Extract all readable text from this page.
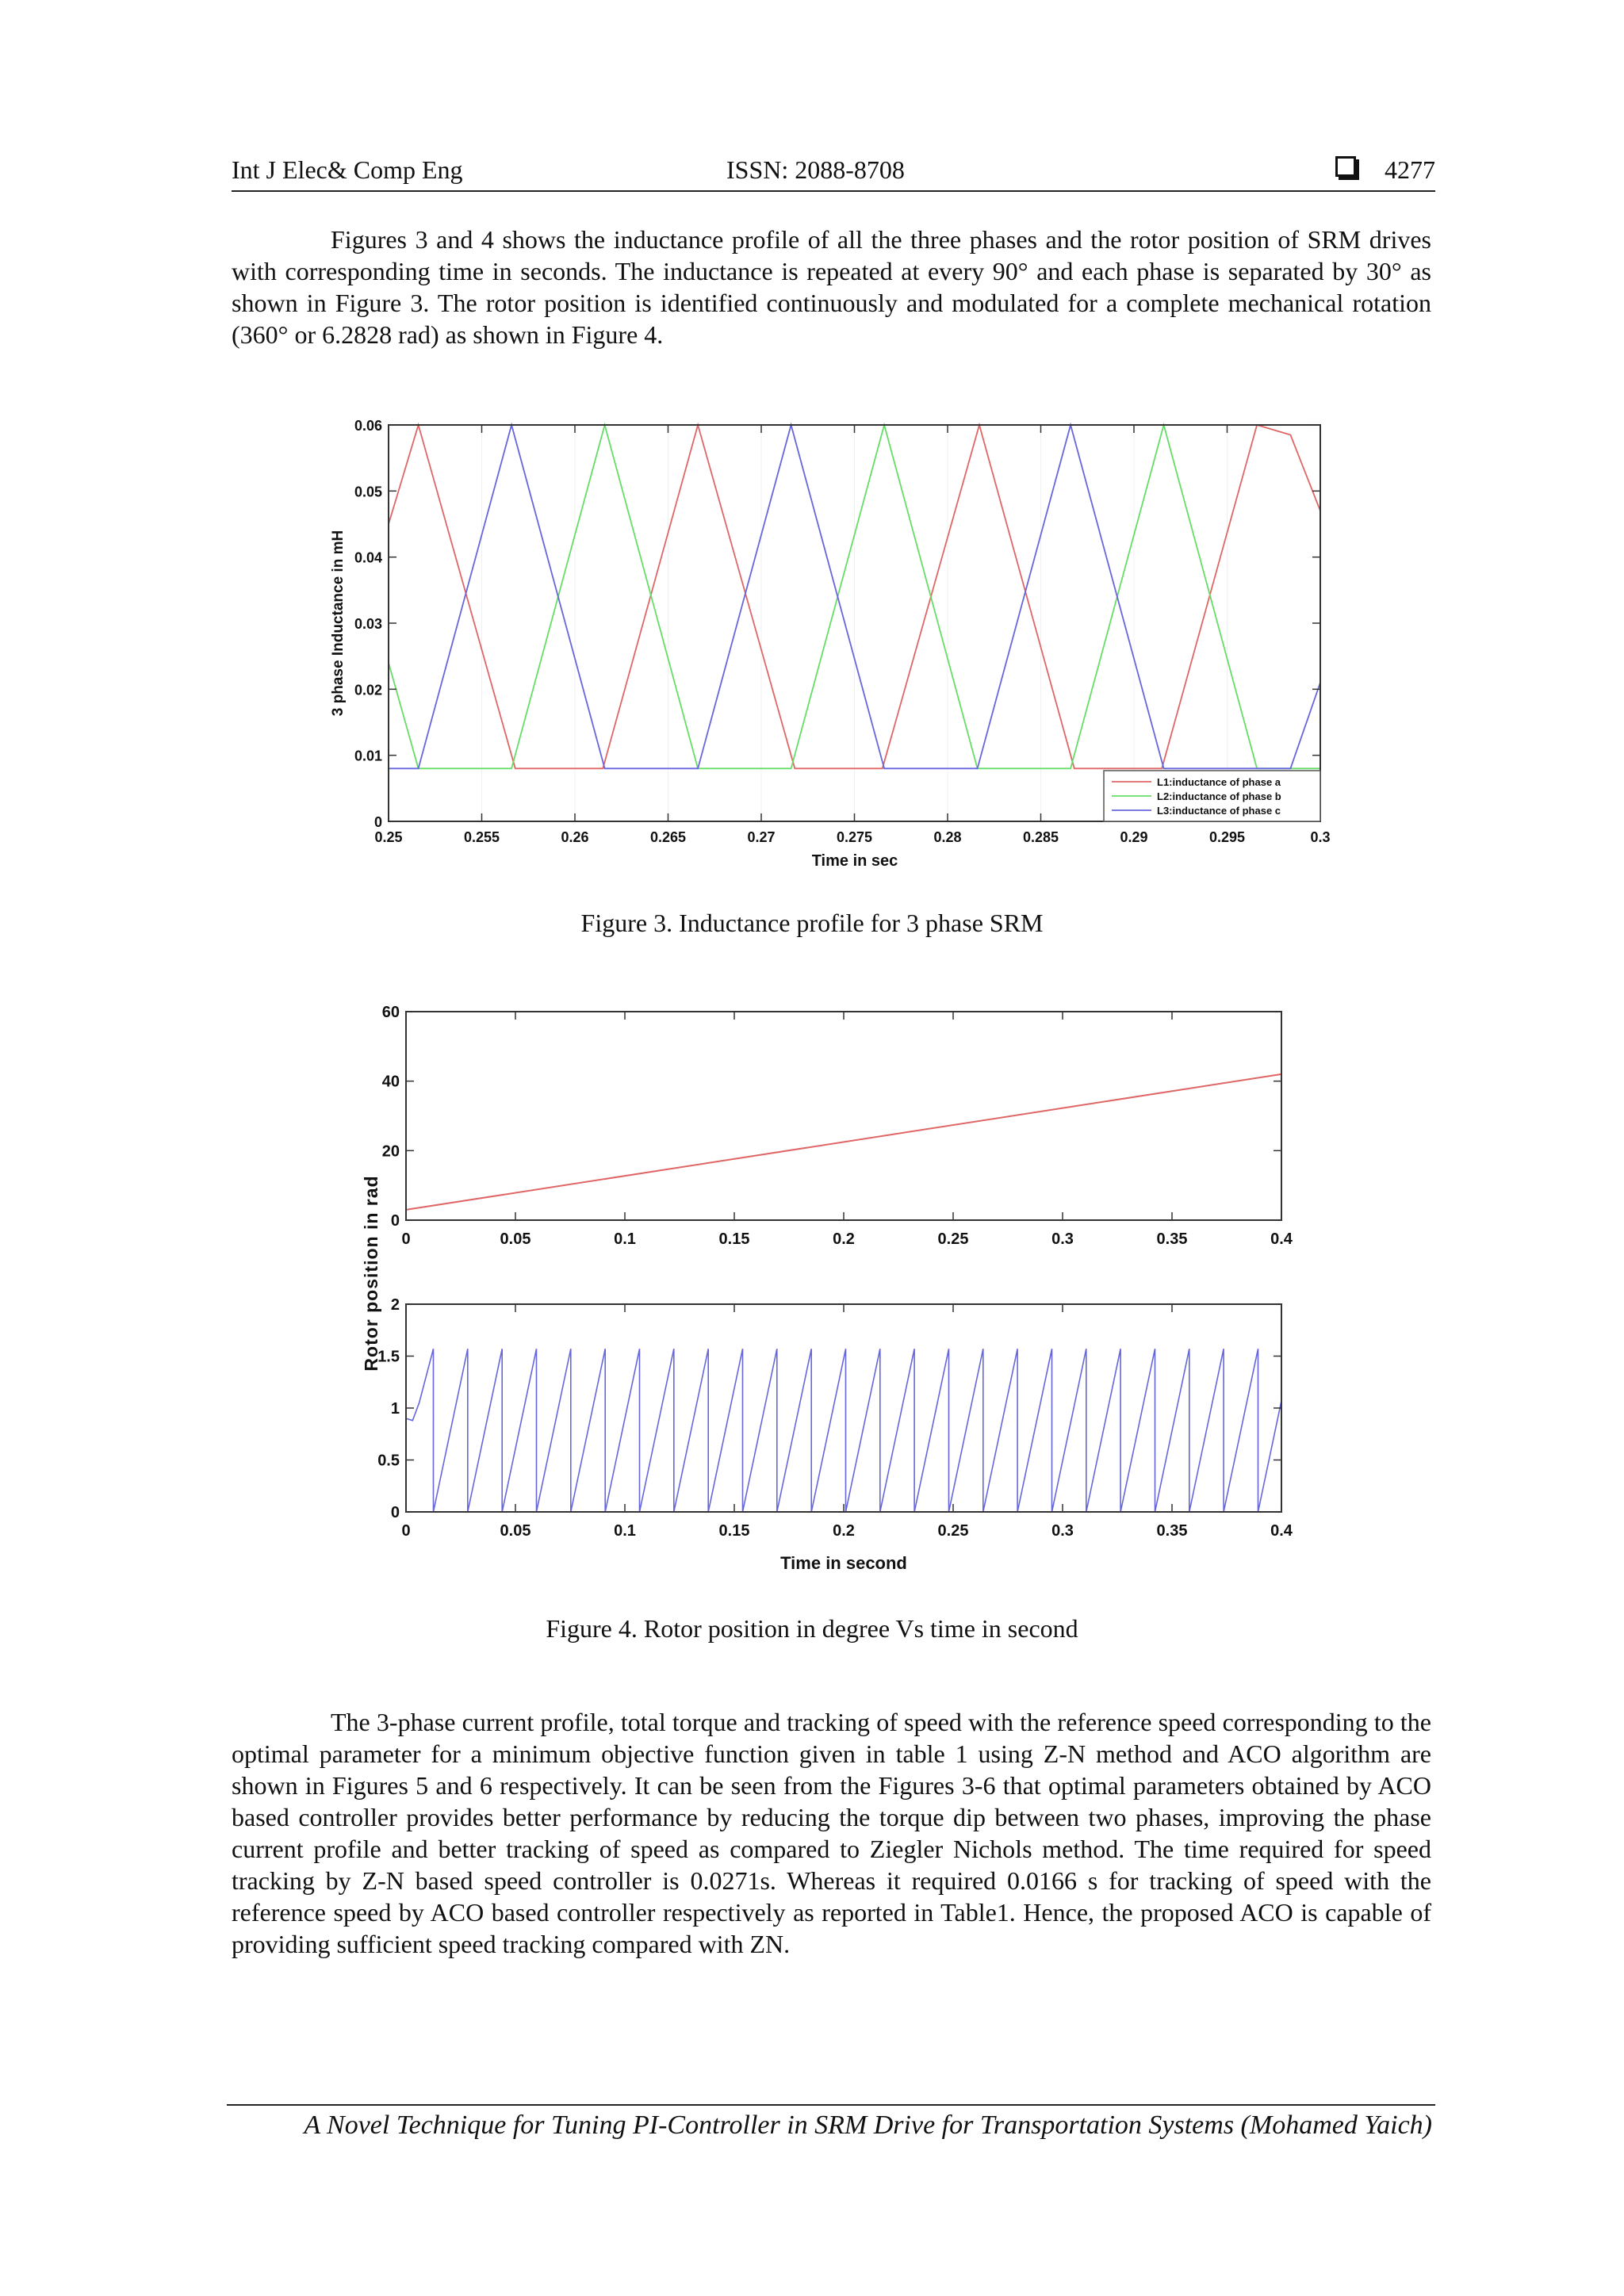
Int J Elec& Comp Eng	ISSN: 2088-8708	4277
Figures 3 and 4 shows the inductance profile of all the three phases and the rotor position of SRM drives with corresponding time in seconds. The inductance is repeated at every 90° and each phase is separated by 30° as shown in Figure 3. The rotor position is identified continuously and modulated for a complete mechanical rotation (360° or 6.2828 rad) as shown in Figure 4.
0.25	0.255	0.26	0.265	0.27	0.275	0.28	0.285	0.29	0.295	0.3
0
0.01
0.02
0.03
0.04
0.05
0.06
Time in sec
3 phase Inductance in mH
L1:inductance of phase a
L2:inductance of phase b
L3:inductance of phase c
Figure 3. Inductance profile for 3 phase SRM
0	0.05	0.1	0.15	0.2	0.25	0.3	0.35	0.4
0
20
40
60
0	0.05	0.1	0.15	0.2	0.25	0.3	0.35	0.4
0
0.5
1
1.5
2
Rotor position in rad
Time in second
Figure 4. Rotor position in degree Vs time in second
The 3-phase current profile, total torque and tracking of speed with the reference speed corresponding to the optimal parameter for a minimum objective function given in table 1 using Z-N method and ACO algorithm are shown in Figures 5 and 6 respectively. It can be seen from the Figures 3-6 that optimal parameters obtained by ACO based controller provides better performance by reducing the torque dip between two phases, improving the phase current profile and better tracking of speed as compared to Ziegler Nichols method. The time required for speed tracking by Z-N based speed controller is 0.0271s. Whereas it required 0.0166 s for tracking of speed with the reference speed by ACO based controller respectively as reported in Table1. Hence, the proposed ACO is capable of providing sufficient speed tracking compared with ZN.
A Novel Technique for Tuning PI-Controller in SRM Drive for Transportation Systems (Mohamed Yaich)
